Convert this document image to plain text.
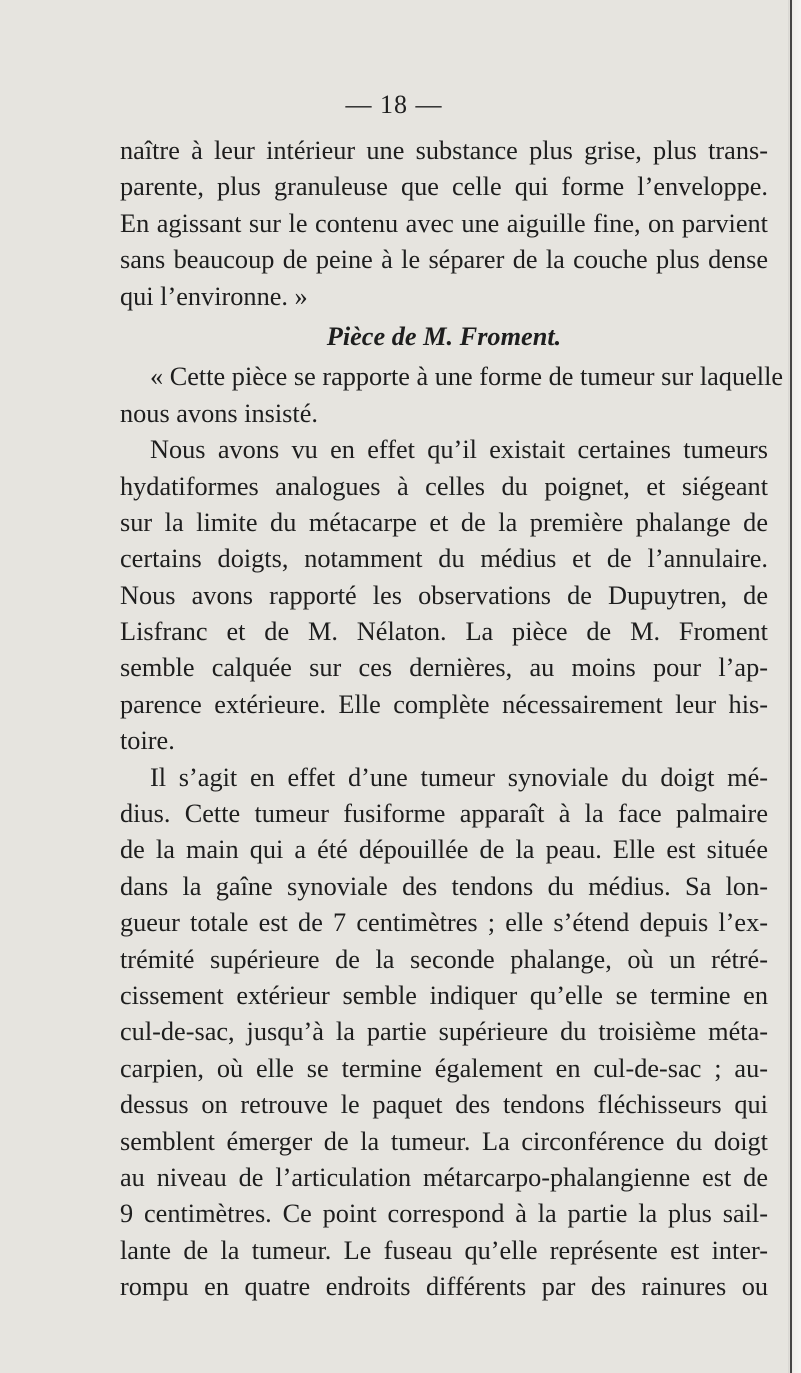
— 18 —
naître à leur intérieur une substance plus grise, plus trans-
parente, plus granuleuse que celle qui forme l’enveloppe.
En agissant sur le contenu avec une aiguille fine, on parvient
sans beaucoup de peine à le séparer de la couche plus dense
qui l’environne. »
Pièce de M. Froment.
« Cette pièce se rapporte à une forme de tumeur sur laquelle
nous avons insisté.
Nous avons vu en effet qu’il existait certaines tumeurs
hydatiformes analogues à celles du poignet, et siégeant
sur la limite du métacarpe et de la première phalange de
certains doigts, notamment du médius et de l’annulaire.
Nous avons rapporté les observations de Dupuytren, de
Lisfranc et de M. Nélaton. La pièce de M. Froment
semble calquée sur ces dernières, au moins pour l’ap-
parence extérieure. Elle complète nécessairement leur his-
toire.
Il s’agit en effet d’une tumeur synoviale du doigt mé-
dius. Cette tumeur fusiforme apparaît à la face palmaire
de la main qui a été dépouillée de la peau. Elle est située
dans la gaîne synoviale des tendons du médius. Sa lon-
gueur totale est de 7 centimètres ; elle s’étend depuis l’ex-
trémité supérieure de la seconde phalange, où un rétré-
cissement extérieur semble indiquer qu’elle se termine en
cul-de-sac, jusqu’à la partie supérieure du troisième méta-
carpien, où elle se termine également en cul-de-sac ; au-
dessus on retrouve le paquet des tendons fléchisseurs qui
semblent émerger de la tumeur. La circonférence du doigt
au niveau de l’articulation métarcarpo-phalangienne est de
9 centimètres. Ce point correspond à la partie la plus sail-
lante de la tumeur. Le fuseau qu’elle représente est inter-
rompu en quatre endroits différents par des rainures ou
